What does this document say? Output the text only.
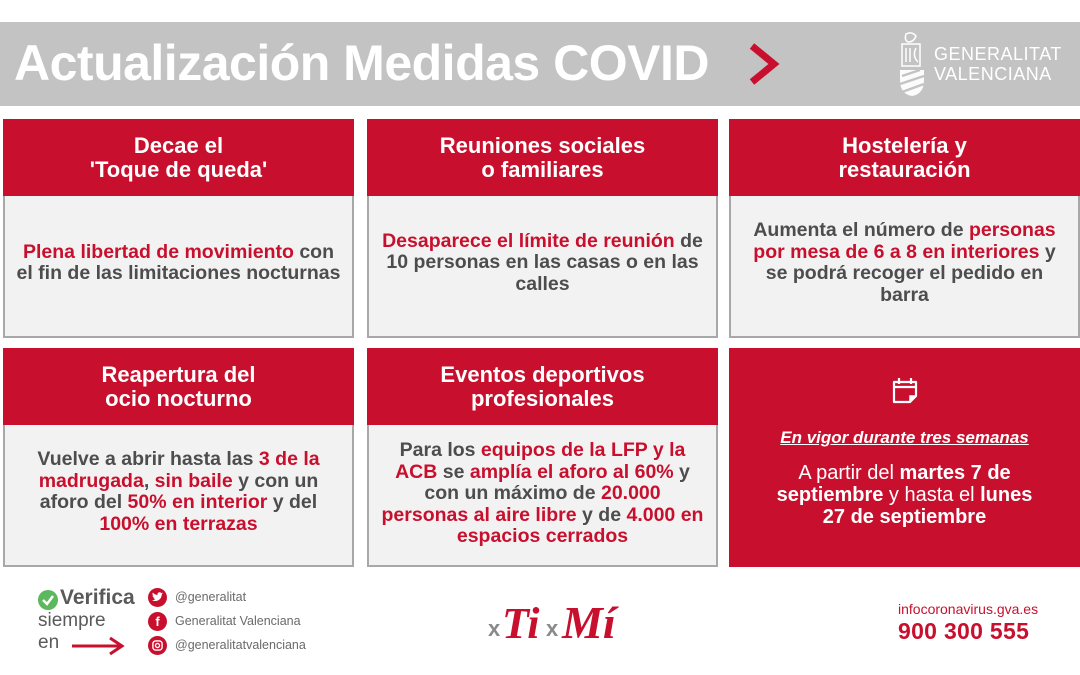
Actualización Medidas COVID	GENERALITAT
VALENCIANA
Decae el
'Toque de queda'
Plena libertad de movimiento con el fin de las limitaciones nocturnas
Reuniones sociales
o familiares
Desaparece el límite de reunión de 10 personas en las casas o en las calles
Hostelería y
restauración
Aumenta el número de personas por mesa de 6 a 8 en interiores y se podrá recoger el pedido en barra
Reapertura del
ocio nocturno
Vuelve a abrir hasta las 3 de la madrugada, sin baile y con un aforo del 50% en interior y del 100% en terrazas
Eventos deportivos
profesionales
Para los equipos de la LFP y la ACB se amplía el aforo al 60% y con un máximo de 20.000 personas al aire libre y de 4.000 en espacios cerrados
En vigor durante tres semanas
A partir del martes 7 de septiembre y hasta el lunes 27 de septiembre
Verifica
siempre
en
@generalitat
f	Generalitat Valenciana
@generalitatvalenciana
x Ti x Mí	infocoronavirus.gva.es
900 300 555
